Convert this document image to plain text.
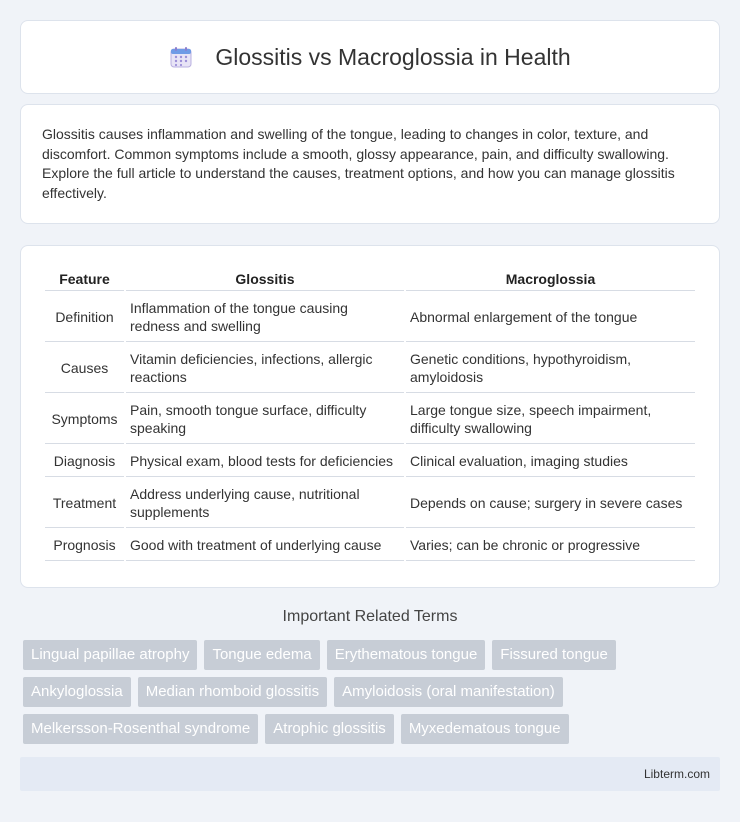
Glossitis vs Macroglossia in Health

Glossitis causes inflammation and swelling of the tongue, leading to changes in color, texture, and discomfort. Common symptoms include a smooth, glossy appearance, pain, and difficulty swallowing. Explore the full article to understand the causes, treatment options, and how you can manage glossitis effectively.

Feature	Glossitis	Macroglossia
Definition	Inflammation of the tongue causing redness and swelling	Abnormal enlargement of the tongue
Causes	Vitamin deficiencies, infections, allergic reactions	Genetic conditions, hypothyroidism, amyloidosis
Symptoms	Pain, smooth tongue surface, difficulty speaking	Large tongue size, speech impairment, difficulty swallowing
Diagnosis	Physical exam, blood tests for deficiencies	Clinical evaluation, imaging studies
Treatment	Address underlying cause, nutritional supplements	Depends on cause; surgery in severe cases
Prognosis	Good with treatment of underlying cause	Varies; can be chronic or progressive
Important Related Terms
Lingual papillae atrophy	Tongue edema	Erythematous tongue	Fissured tongue
Ankyloglossia	Median rhomboid glossitis	Amyloidosis (oral manifestation)
Melkersson-Rosenthal syndrome	Atrophic glossitis	Myxedematous tongue
Libterm.com
